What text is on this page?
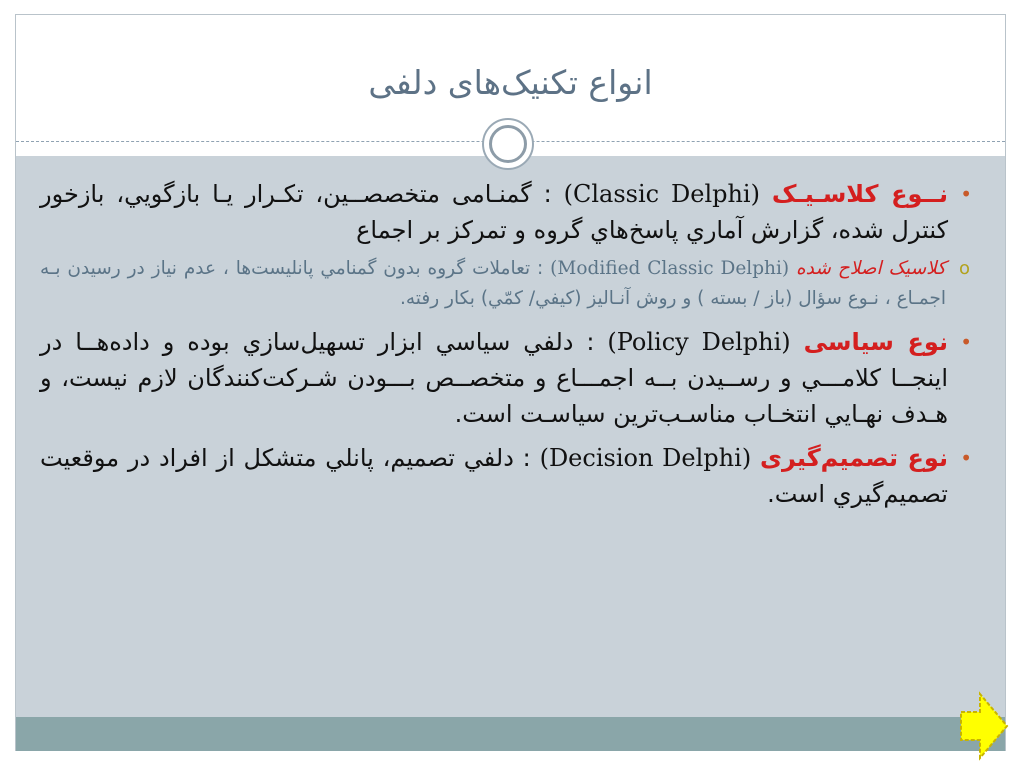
انواع تکنیک‌های دلفی
•
نــوع کلاسـیـک (Classic Delphi) : گمنـامی متخصصــين، تکـرار یـا بازگويي، بازخور کنترل شده، گزارش آماري پاسخ‌هاي گروه و تمرکز بر اجماع
o
کلاسیک اصلاح شده (Modified Classic Delphi) : تعاملات گروه بدون گمنامي پانلیست‌ها ، عدم نیاز در رسیدن بـه اجمـاع ، نـوع سؤال (باز / بسته ) و روش آنـالیز (کیفي/ کمّي) بکار رفته.
•
نوع سیاسی (Policy Delphi) : دلفي سياسي ابزار تسهيل‌سازي بوده و داده‌هــا در اينجــا کلامـــي و رســيدن بــه اجمـــاع و متخصــص بـــودن شـرکت‌کنندگان لازم نيست، و هـدف نهـايي انتخـاب مناسـب‌ترين سياسـت است.
•
نوع تصمیم‌گیری (Decision Delphi) : دلفي تصميم، پانلي متشکل از افراد در موقعيت تصميم‌گيري است.
